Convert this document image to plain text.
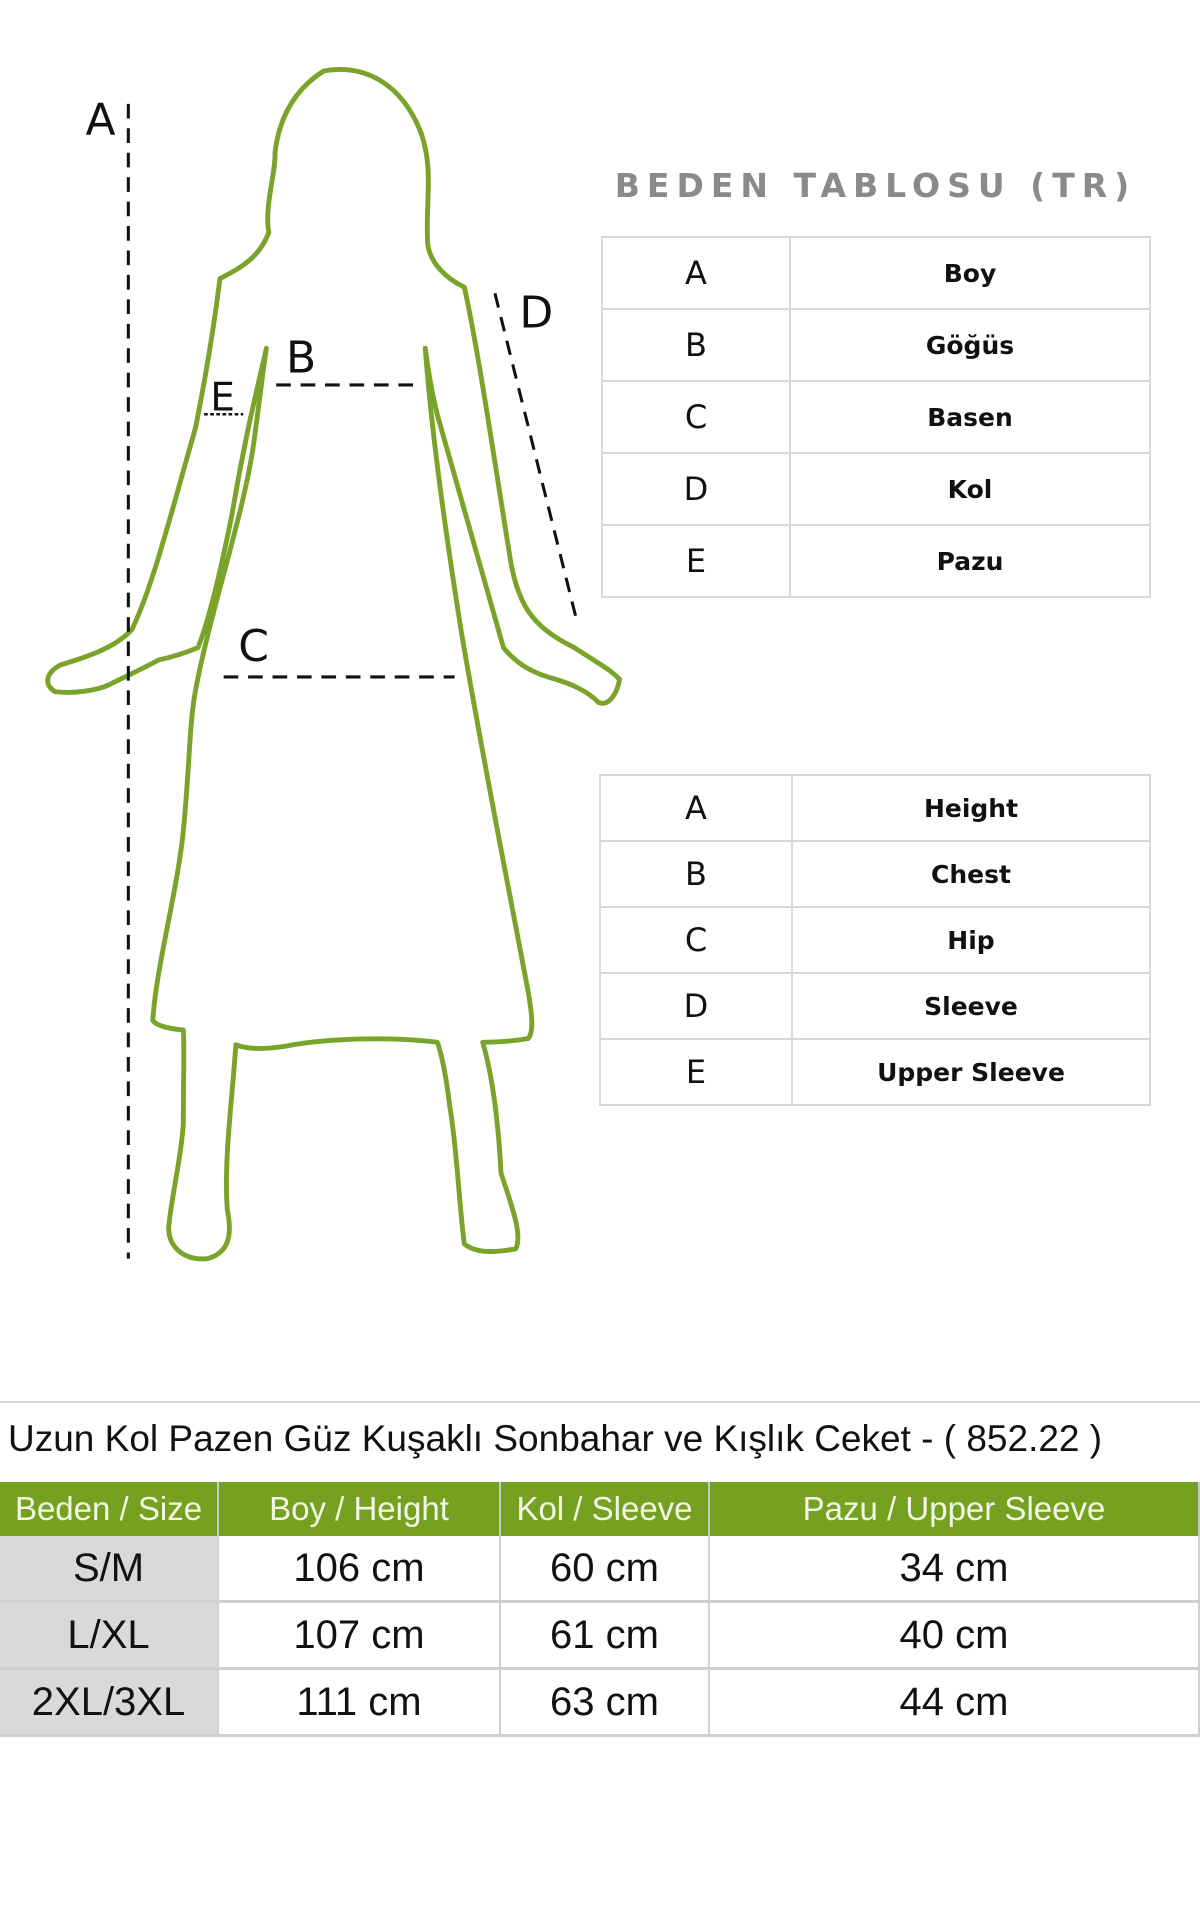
A
B
C
D
E
BEDEN TABLOSU (TR)
A	Boy
B	Göğüs
C	Basen
D	Kol
E	Pazu
A	Height
B	Chest
C	Hip
D	Sleeve
E	Upper Sleeve
Uzun Kol Pazen Güz Kuşaklı Sonbahar ve Kışlık Ceket - ( 852.22 )
Beden / Size	Boy / Height	Kol / Sleeve	Pazu / Upper Sleeve
S/M	106 cm	60 cm	34 cm
L/XL	107 cm	61 cm	40 cm
2XL/3XL	111 cm	63 cm	44 cm
